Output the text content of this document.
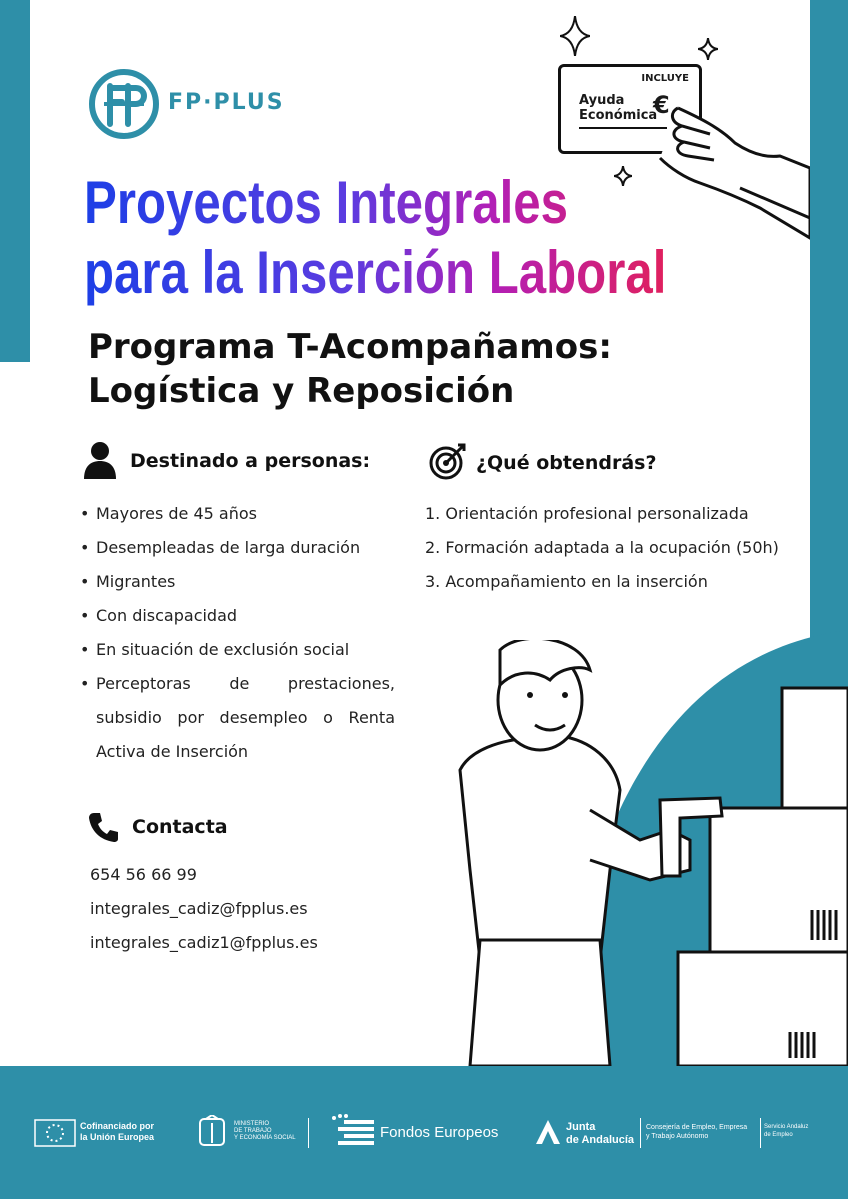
FP·PLUS
INCLUYE
Ayuda
Económica
€
Proyectos Integrales
para la Inserción Laboral
Programa T-Acompañamos:
Logística y Reposición
Destinado a personas:
• Mayores de 45 años
• Desempleadas de larga duración
• Migrantes
• Con discapacidad
• En situación de exclusión social
• Perceptoras de prestaciones, subsidio por desempleo o Renta Activa de Inserción
¿Qué obtendrás?
1. Orientación profesional personalizada
2. Formación adaptada a la ocupación (50h)
3. Acompañamiento en la inserción
Contacta
654 56 66 99
integrales_cadiz@fpplus.es
integrales_cadiz1@fpplus.es
Cofinanciado por
la Unión Europea
MINISTERIO
DE TRABAJO
Y ECONOMÍA SOCIAL	Fondos Europeos	Junta
de Andalucía
Consejería de Empleo, Empresa
y Trabajo Autónomo
Servicio Andaluz
de Empleo
